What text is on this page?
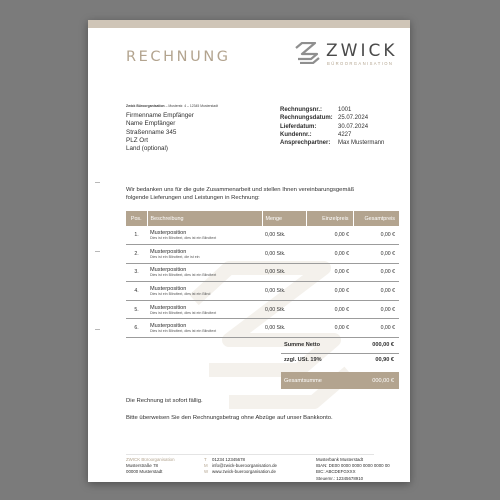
RECHNUNG	ZWICK
BÜROORGANISATION
Zwick Büroorganisation – Musterstr. 4 – 12345 Musterstadt
Firmenname Empfänger
Name Empfänger
Straßenname 345
PLZ Ort
Land (optional)
Rechnungsnr.:	1001
Rechnungsdatum: 25.07.2024
Lieferdatum:	30.07.2024
Kundennr.:	4227
Ansprechpartner:	Max Mustermann
Wir bedanken uns für die gute Zusammenarbeit und stellen Ihnen vereinbarungsgemäß folgende Lieferungen und Leistungen in Rechnung:
Pos.	Beschreibung	Menge	Einzelpreis	Gesamtpreis
1.	Musterposition
Dies ist ein Blindtext, dies ist ein Blindtext	0,00 Stk.	0,00 €	0,00 €
2.	Musterposition
Dies ist ein Blindtext, die ist ein	0,00 Stk.	0,00 €	0,00 €
3.	Musterposition
Dies ist ein Blindtext, dies ist ein Blindtext	0,00 Stk.	0,00 €	0,00 €
4.	Musterposition
Dies ist ein Blindtext, dies ist ein Blind	0,00 Stk.	0,00 €	0,00 €
5.	Musterposition
Dies ist ein Blindtext, dies ist ein Blindtext	0,00 Stk.	0,00 €	0,00 €
6.	Musterposition
Dies ist ein Blindtext, dies ist ein Blindtext	0,00 Stk.	0,00 €	0,00 €
Summe Netto	000,00 €
zzgl. USt. 19%	00,90 €
Gesamtsumme	000,00 €
Die Rechnung ist sofort fällig.
Bitte überweisen Sie den Rechnungsbetrag ohne Abzüge auf unser Bankkonto.
ZWICK Büroorganisation
Musterstraße 78
00000 Musterstadt
T
M
W
01234 12345678
info@zwick-bueroorganisation.de
www.zwick-bueroorganisation.de
Musterbank Musterstadt
IBAN: DE00 0000 0000 0000 0000 00
BIC: ABCDEFGXXX
Steuernr.: 12345678910
